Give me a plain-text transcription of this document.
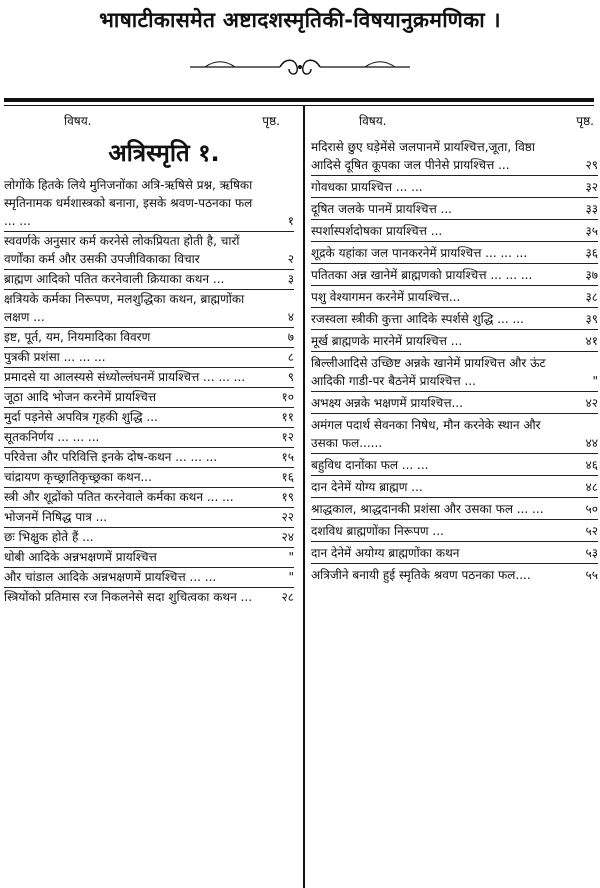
भाषाटीकासमेत अष्टादशस्मृतिकी-विषयानुक्रमणिका ।
विषय.	पृष्ठ.
अत्रिस्मृति १.
लोगोंके हितके लिये मुनिजनोंका अत्रि-ऋषिसे प्रश्न, ऋषिका स्मृतिनामक धर्मशास्त्रको बनाना, इसके श्रवण-पठनका फल ... ...	१
स्ववर्णके अनुसार कर्म करनेसे लोकप्रियता होती है, चारों वर्णोंका कर्म और उसकी उपजीविकाका विचार	२
ब्राह्मण आदिको पतित करनेवाली क्रियाका कथन ...	३
क्षत्रियके कर्मका निरूपण, मलशुद्धिका कथन, ब्राह्मणोंका लक्षण ...	४
इष्ट, पूर्त, यम, नियमादिका विवरण	७
पुत्रकी प्रशंसा ... ... ...	८
प्रमादसे या आलस्यसे संध्योल्लंघनमें प्रायश्चित्त ... ... ...	९
जूठा आदि भोजन करनेमें प्रायश्चित्त	१०
मुर्दा पड़नेसे अपवित्र गृहकी शुद्धि ...	११
सूतकनिर्णय ... ... ...	१२
परिवेत्ता और परिवित्ति इनके दोष-कथन ... ... ...	१५
चांद्रायण कृच्छ्रातिकृच्छ्रका कथन...	१६
स्त्री और शूद्रोंको पतित करनेवाले कर्मका कथन ... ...	१९
भोजनमें निषिद्ध पात्र ...	२२
छः भिक्षुक होते हैं ...	२४
धोबी आदिके अन्नभक्षणमें प्रायश्चित्त	"
और चांडाल आदिके अन्नभक्षणमें प्रायश्चित्त ... ...	"
स्त्रियोंको प्रतिमास रज निकलनेसे सदा शुचित्वका कथन ...	२८
विषय.	पृष्ठ.
मदिरासे छुए घड़ेमेंसे जलपानमें प्रायश्चित्त,जूता, विष्ठा आदिसे दूषित कूपका जल पीनेसे प्रायश्चित्त ...	२९
गोवधका प्रायश्चित्त ... ...	३२
दूषित जलके पानमें प्रायश्चित्त ...	३३
स्पर्शास्पर्शदोषका प्रायश्चित्त ...	३५
शूद्रके यहांका जल पानकरनेमें प्रायश्चित्त ... ... ...	३६
पतितका अन्न खानेमें ब्राह्मणको प्रायश्चित्त ... ... ...	३७
पशु वेश्यागमन करनेमें प्रायश्चित्त...	३८
रजस्वला स्त्रीकी कुत्ता आदिके स्पर्शसे शुद्धि ... ...	३९
मूर्ख ब्राह्मणके मारनेमें प्रायश्चित्त ...	४१
बिल्लीआदिसे उच्छिष्ट अन्नके खानेमें प्रायश्चित्त और ऊंट आदिकी गाडी-पर बैठनेमें प्रायश्चित्त ...	"
अभक्ष्य अन्नके भक्षणमें प्रायश्चित्त...	४२
अमंगल पदार्थ सेवनका निषेध, मौन करनेके स्थान और उसका फल......	४४
बहुविध दानोंका फल ... ...	४६
दान देनेमें योग्य ब्राह्मण ...	४८
श्राद्धकाल, श्राद्धदानकी प्रशंसा और उसका फल ... ...	५०
दशविध ब्राह्मणोंका निरूपण ...	५२
दान देनेमें अयोग्य ब्राह्मणोंका कथन	५३
अत्रिजीने बनायी हुई स्मृतिके श्रवण पठनका फल....	५५
